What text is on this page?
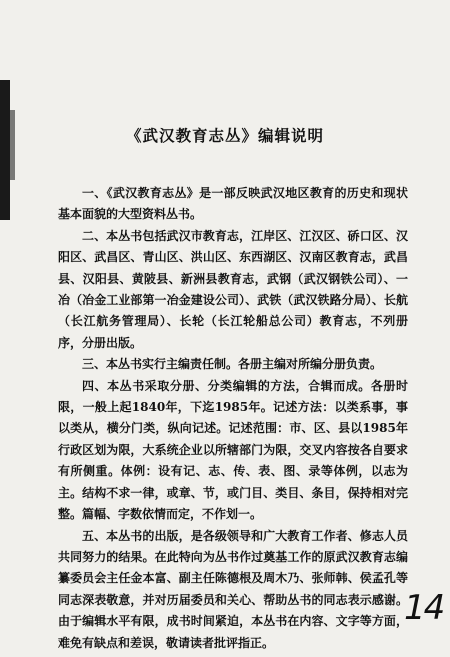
《武汉教育志丛》编辑说明

一、《武汉教育志丛》是一部反映武汉地区教育的历史和现状基本面貌的大型资料丛书。

二、本丛书包括武汉市教育志，江岸区、江汉区、硚口区、汉阳区、武昌区、青山区、洪山区、东西湖区、汉南区教育志，武昌县、汉阳县、黄陂县、新洲县教育志，武钢（武汉钢铁公司）、一冶（冶金工业部第一冶金建设公司）、武铁（武汉铁路分局）、长航（长江航务管理局）、长轮（长江轮船总公司）教育志，不列册序，分册出版。

三、本丛书实行主编责任制。各册主编对所编分册负责。

四、本丛书采取分册、分类编辑的方法，合辑而成。各册时限，一般上起1840年，下迄1985年。记述方法：以类系事，事以类从，横分门类，纵向记述。记述范围：市、区、县以1985年行政区划为限，大系统企业以所辖部门为限，交叉内容按各自要求有所侧重。体例：设有记、志、传、表、图、录等体例，以志为主。结构不求一律，或章、节，或门目、类目、条目，保持相对完整。篇幅、字数依情而定，不作划一。

五、本丛书的出版，是各级领导和广大教育工作者、修志人员共同努力的结果。在此特向为丛书作过奠基工作的原武汉教育志编纂委员会主任金本富、副主任陈德根及周木乃、张师韩、侯孟孔等同志深表敬意，并对历届委员和关心、帮助丛书的同志表示感谢。由于编辑水平有限，成书时间紧迫，本丛书在内容、文字等方面，难免有缺点和差误，敬请读者批评指正。

14
